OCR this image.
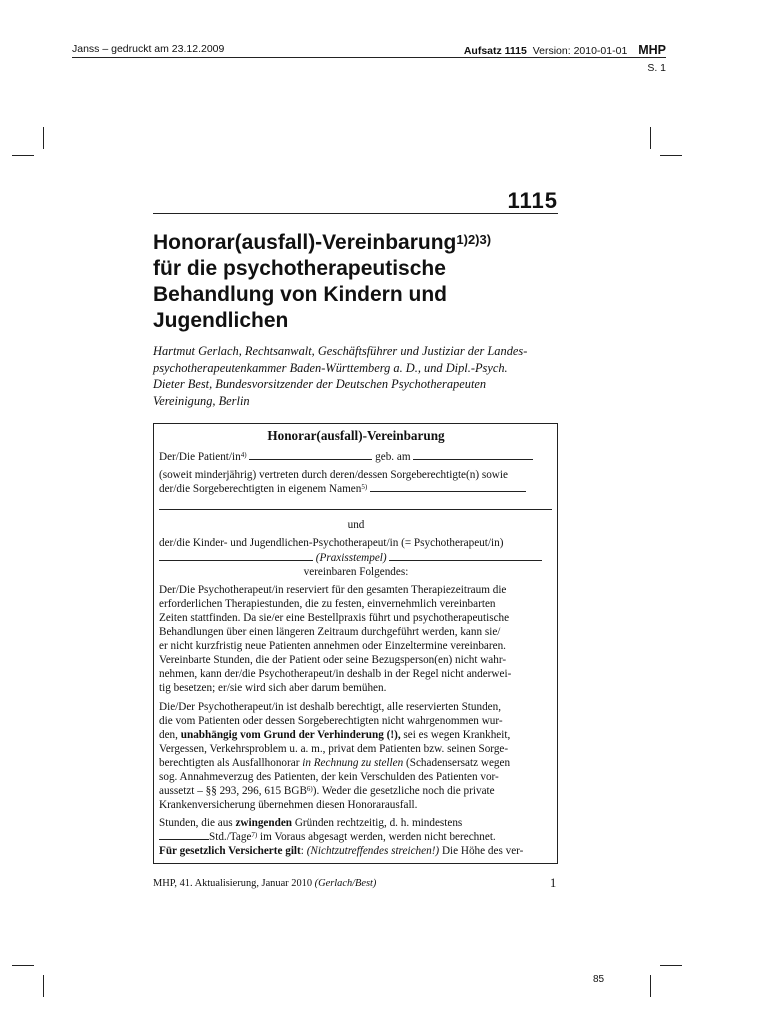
Janss – gedruckt am 23.12.2009	Aufsatz 1115 Version: 2010-01-01 MHP
S. 1
1115
Honorar(ausfall)-Vereinbarung$^{1)2)3)}$
für die psychotherapeutische
Behandlung von Kindern und
Jugendlichen
Hartmut Gerlach, Rechtsanwalt, Geschäftsführer und Justiziar der Landes-
psychotherapeutenkammer Baden-Württemberg a. D., und Dipl.-Psych.
Dieter Best, Bundesvorsitzender der Deutschen Psychotherapeuten
Vereinigung, Berlin
Honorar(ausfall)-Vereinbarung
Der/Die Patient/$in^{4)}$	geb. am
(soweit minderjährig) vertreten durch deren/dessen Sorgeberechtigte(n) sowie
der/die Sorgeberechtigten in eigenem Namen$^{5)}$
und
der/die Kinder- und Jugendlichen-Psychotherapeut/in (= Psychotherapeut/in)
(Praxisstempel)
vereinbaren Folgendes:
Der/Die Psychotherapeut/in reserviert für den gesamten Therapiezeitraum die
erforderlichen Therapiestunden, die zu festen, einvernehmlich vereinbarten
Zeiten stattfinden. Da sie/er eine Bestellpraxis führt und psychotherapeutische
Behandlungen über einen längeren Zeitraum durchgeführt werden, kann sie/
er nicht kurzfristig neue Patienten annehmen oder Einzeltermine vereinbaren.
Vereinbarte Stunden, die der Patient oder seine Bezugsperson(en) nicht wahr-
nehmen, kann der/die Psychotherapeut/in deshalb in der Regel nicht anderwei-
tig besetzen; er/sie wird sich aber darum bemühen.
Die/Der Psychotherapeut/in ist deshalb berechtigt, alle reservierten Stunden,
die vom Patienten oder dessen Sorgeberechtigten nicht wahrgenommen wur-
den, unabhängig vom Grund der Verhinderung (!), sei es wegen Krankheit,
Vergessen, Verkehrsproblem u. a. m., privat dem Patienten bzw. seinen Sorge-
berechtigten als Ausfallhonorar in Rechnung zu stellen (Schadensersatz wegen
sog. Annahmeverzug des Patienten, der kein Verschulden des Patienten vor-
aussetzt – §§ 293, 296, 615 BGB$^{6)}$). Weder die gesetzliche noch die private
Krankenversicherung übernehmen diesen Honorarausfall.
Stunden, die aus zwingenden Gründen rechtzeitig, d. h. mindestens
Std./Tage$^{7)}$ im Voraus abgesagt werden, werden nicht berechnet.
Für gesetzlich Versicherte gilt: (Nichtzutreffendes streichen!) Die Höhe des ver-
MHP, 41. Aktualisierung, Januar 2010 (Gerlach/Best)	1
85
